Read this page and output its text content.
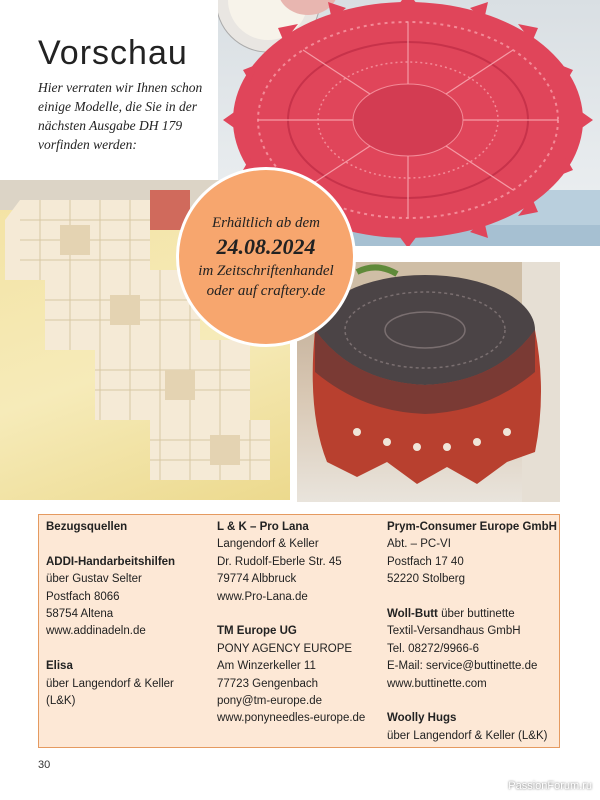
Vorschau
Hier verraten wir Ihnen schon einige Modelle, die Sie in der nächsten Ausgabe DH 179 vorfinden werden:
Erhältlich ab dem
24.08.2024
im Zeitschriftenhandel
oder auf craftery.de
Bezugsquellen
ADDI-Handarbeitshilfen
über Gustav Selter
Postfach 8066
58754 Altena
www.addinadeln.de
Elisa
über Langendorf & Keller (L&K)
L & K – Pro Lana
Langendorf & Keller
Dr. Rudolf-Eberle Str. 45
79774 Albbruck
www.Pro-Lana.de
TM Europe UG
PONY AGENCY EUROPE
Am Winzerkeller 11
77723 Gengenbach
pony@tm-europe.de
www.ponyneedles-europe.de
Prym-Consumer Europe GmbH
Abt. – PC-VI
Postfach 17 40
52220 Stolberg
Woll-Butt über buttinette
Textil-Versandhaus GmbH
Tel. 08272/9966-6
E-Mail: service@buttinette.de
www.buttinette.com
Woolly Hugs
über Langendorf & Keller (L&K)
30
PassionForum.ru
